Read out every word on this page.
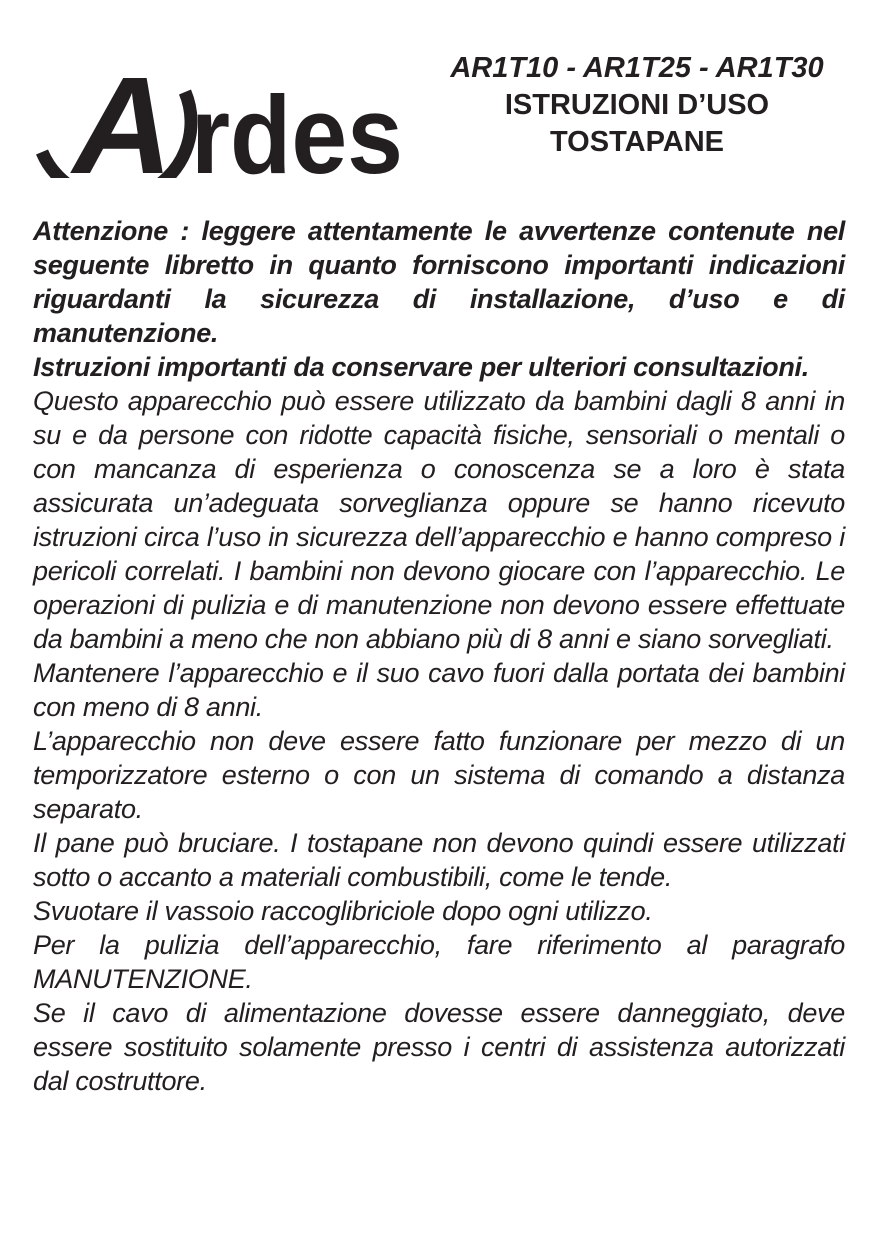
A rdes
AR1T10 - AR1T25 - AR1T30
ISTRUZIONI D’USO
TOSTAPANE

Attenzione : leggere attentamente le avvertenze contenute nel seguente libretto in quanto forniscono importanti indicazioni riguardanti la sicurezza di installazione, d’uso e di manutenzione.

Istruzioni importanti da conservare per ulteriori consultazioni.

Questo apparecchio può essere utilizzato da bambini dagli 8 anni in su e da persone con ridotte capacità fisiche, sensoriali o mentali o con mancanza di esperienza o conoscenza se a loro è stata assicurata un’adeguata sorveglianza oppure se hanno ricevuto istruzioni circa l’uso in sicurezza dell’apparecchio e hanno compreso i pericoli correlati. I bambini non devono giocare con l’apparecchio. Le operazioni di pulizia e di manutenzione non devono essere effettuate da bambini a meno che non abbiano più di 8 anni e siano sorvegliati.

Mantenere l’apparecchio e il suo cavo fuori dalla portata dei bambini con meno di 8 anni.

L’apparecchio non deve essere fatto funzionare per mezzo di un temporizzatore esterno o con un sistema di comando a distanza separato.

Il pane può bruciare. I tostapane non devono quindi essere utilizzati sotto o accanto a materiali combustibili, come le tende.

Svuotare il vassoio raccoglibriciole dopo ogni utilizzo.

Per la pulizia dell’apparecchio, fare riferimento al paragrafo MANUTENZIONE.

Se il cavo di alimentazione dovesse essere danneggiato, deve essere sostituito solamente presso i centri di assistenza autorizzati dal costruttore.
